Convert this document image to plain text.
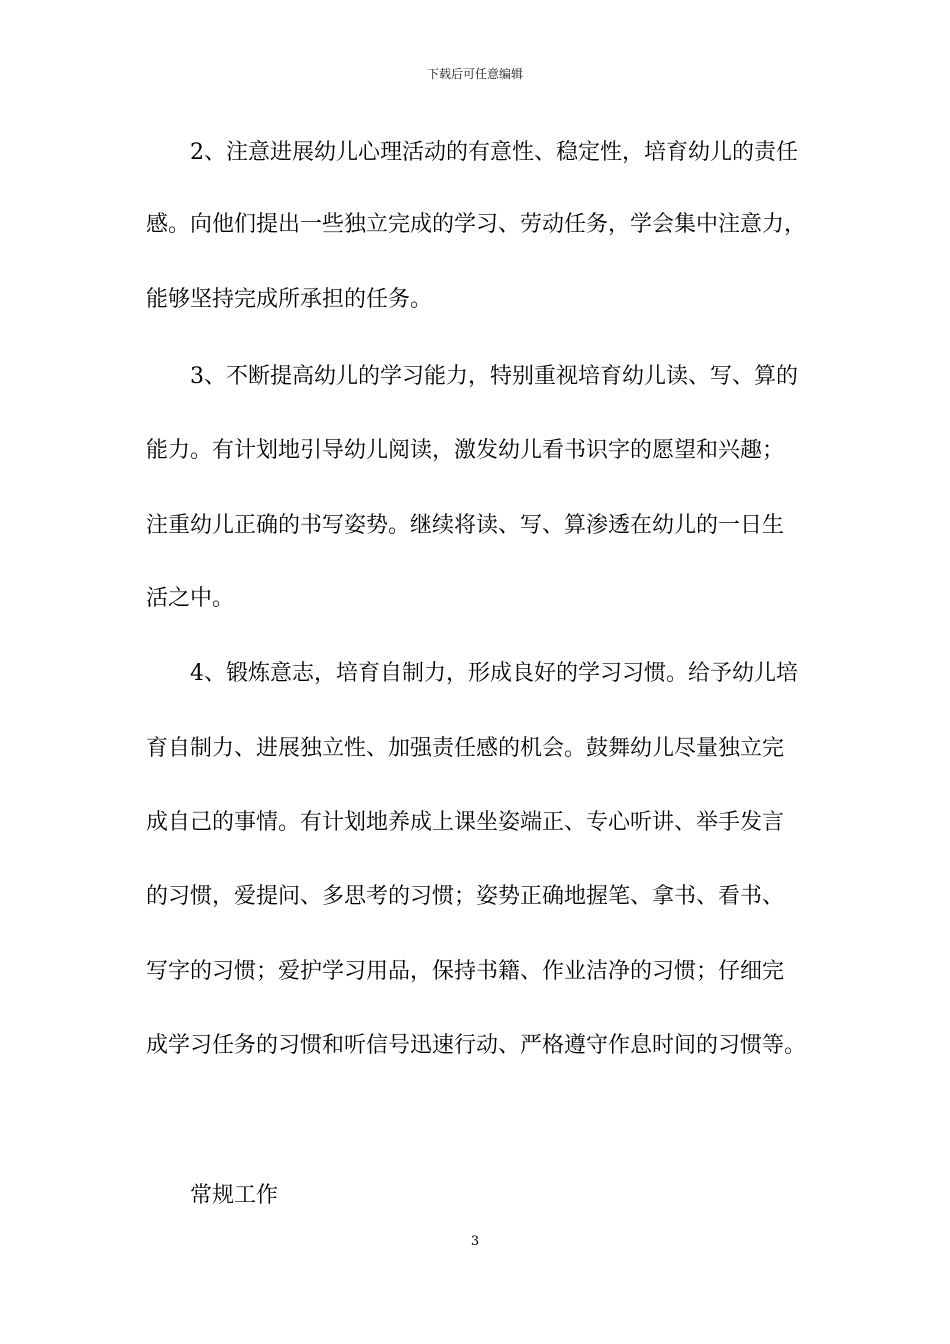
下载后可任意编辑
2、注意进展幼儿心理活动的有意性、稳定性，培育幼儿的责任
感。向他们提出一些独立完成的学习、劳动任务，学会集中注意力，
能够坚持完成所承担的任务。
3、不断提高幼儿的学习能力，特别重视培育幼儿读、写、算的
能力。有计划地引导幼儿阅读，激发幼儿看书识字的愿望和兴趣；
注重幼儿正确的书写姿势。继续将读、写、算渗透在幼儿的一日生
活之中。
4、锻炼意志，培育自制力，形成良好的学习习惯。给予幼儿培
育自制力、进展独立性、加强责任感的机会。鼓舞幼儿尽量独立完
成自己的事情。有计划地养成上课坐姿端正、专心听讲、举手发言
的习惯，爱提问、多思考的习惯；姿势正确地握笔、拿书、看书、
写字的习惯；爱护学习用品，保持书籍、作业洁净的习惯；仔细完
成学习任务的习惯和听信号迅速行动、严格遵守作息时间的习惯等。
常规工作
3
